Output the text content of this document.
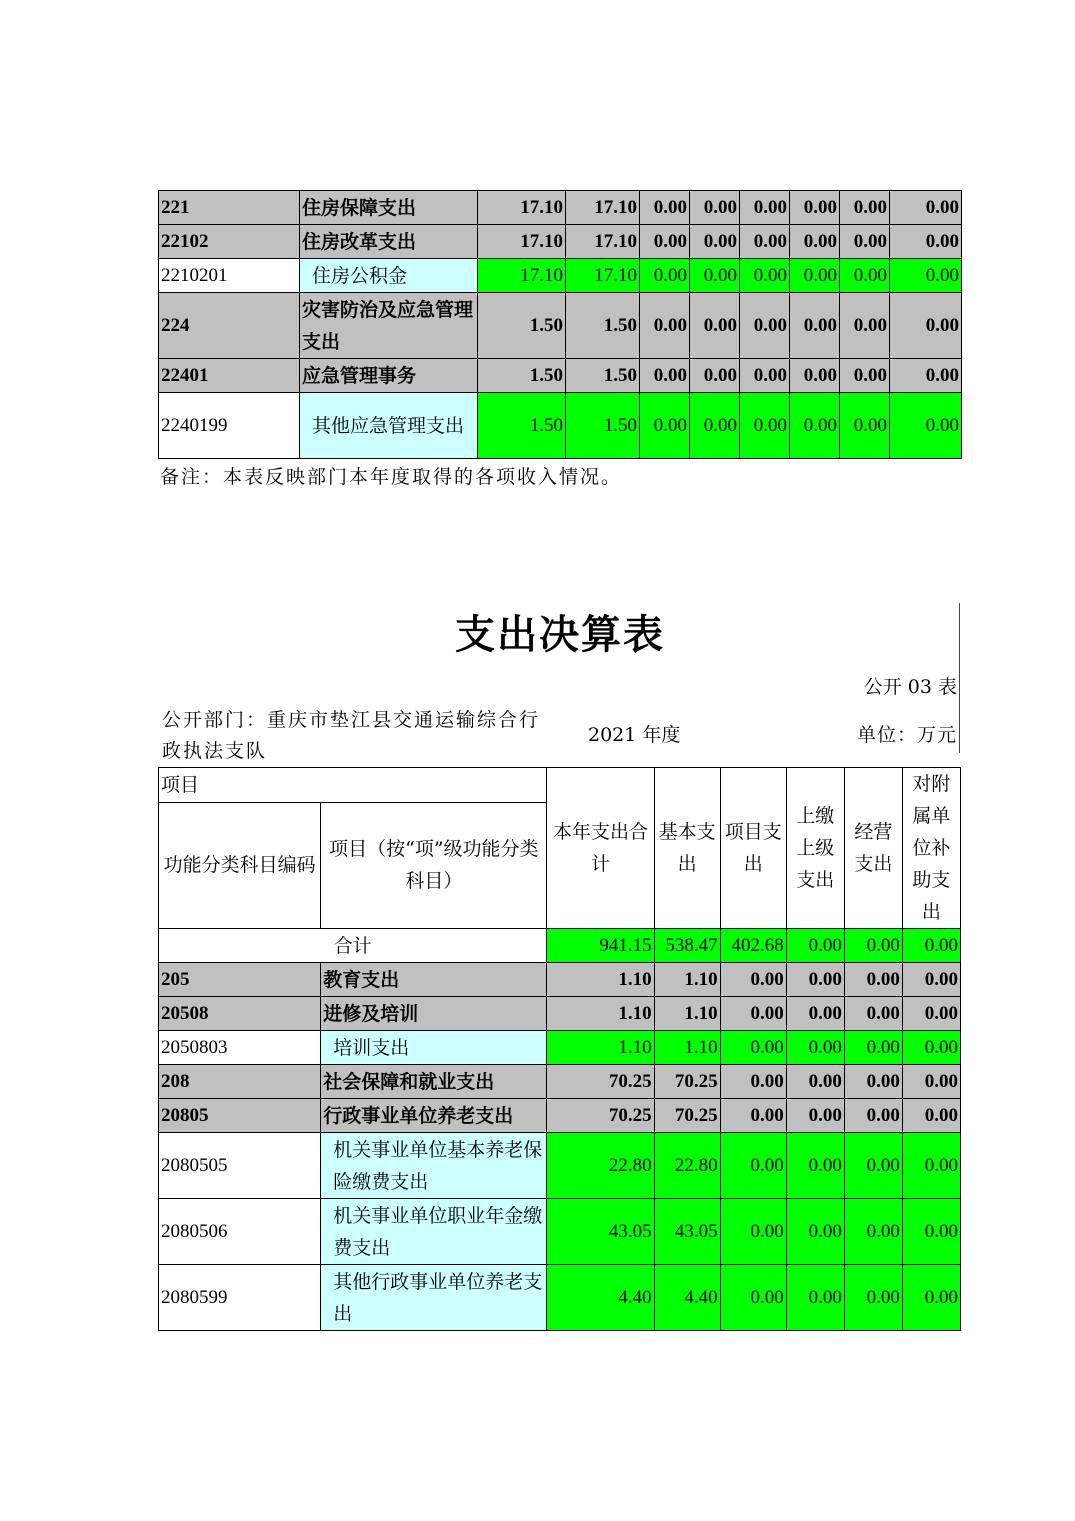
221	住房保障支出	17.10	17.10	0.00	0.00	0.00	0.00	0.00	0.00
22102	住房改革支出	17.10	17.10	0.00	0.00	0.00	0.00	0.00	0.00
2210201	住房公积金	17.10	17.10	0.00	0.00	0.00	0.00	0.00	0.00
224	灾害防治及应急管理支出	1.50	1.50	0.00	0.00	0.00	0.00	0.00	0.00
22401	应急管理事务	1.50	1.50	0.00	0.00	0.00	0.00	0.00	0.00
2240199	其他应急管理支出	1.50	1.50	0.00	0.00	0.00	0.00	0.00	0.00
备注：本表反映部门本年度取得的各项收入情况。
支出决算表
公开 03 表
公开部门：重庆市垫江县交通运输综合行政执法支队
2021 年度	单位：万元
项目		本年支出合计	基本支出	项目支出	上缴上级支出	经营支出	对附属单位补助支出
功能分类科目编码	项目（按“项”级功能分类科目）						
合计		941.15	538.47	402.68	0.00	0.00	0.00
205	教育支出	1.10	1.10	0.00	0.00	0.00	0.00
20508	进修及培训	1.10	1.10	0.00	0.00	0.00	0.00
2050803	培训支出	1.10	1.10	0.00	0.00	0.00	0.00
208	社会保障和就业支出	70.25	70.25	0.00	0.00	0.00	0.00
20805	行政事业单位养老支出	70.25	70.25	0.00	0.00	0.00	0.00
2080505	机关事业单位基本养老保险缴费支出	22.80	22.80	0.00	0.00	0.00	0.00
2080506	机关事业单位职业年金缴费支出	43.05	43.05	0.00	0.00	0.00	0.00
2080599	其他行政事业单位养老支出	4.40	4.40	0.00	0.00	0.00	0.00
